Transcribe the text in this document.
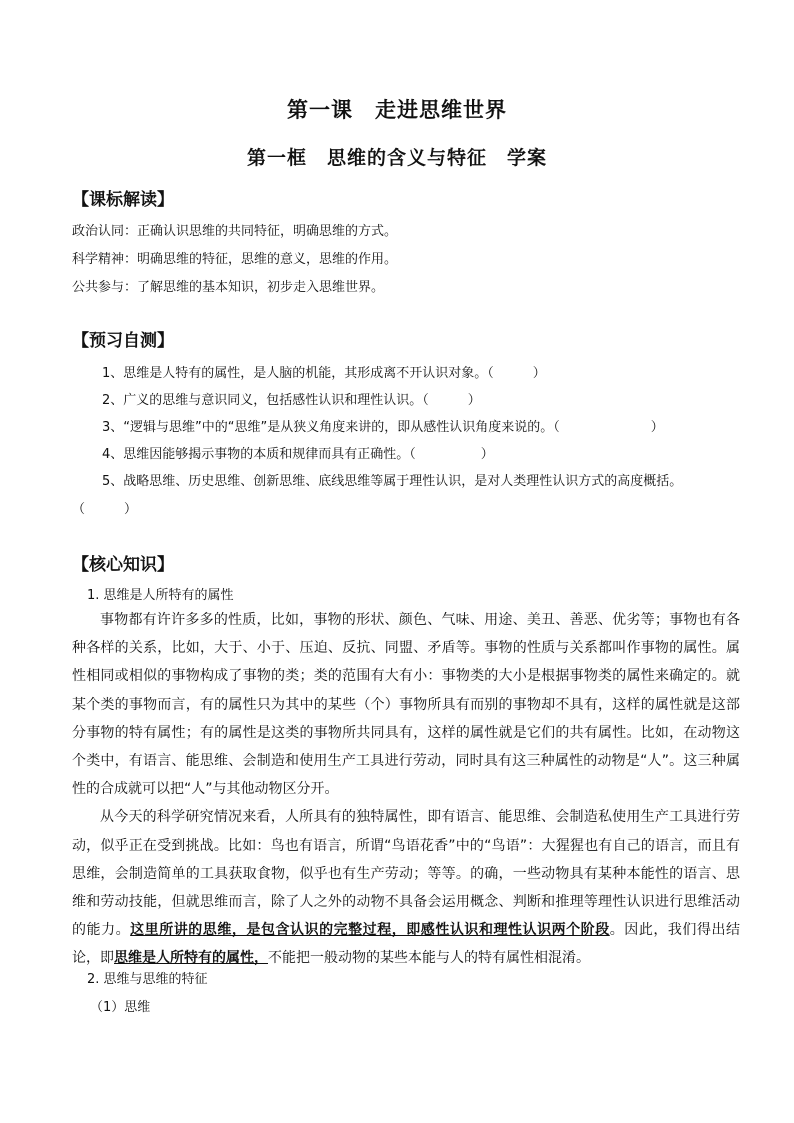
第一课　走进思维世界
第一框　思维的含义与特征　学案
【课标解读】
政治认同：正确认识思维的共同特征，明确思维的方式。
科学精神：明确思维的特征，思维的意义，思维的作用。
公共参与：了解思维的基本知识，初步走入思维世界。
【预习自测】
1、思维是人特有的属性，是人脑的机能，其形成离不开认识对象。（　　　）
2、广义的思维与意识同义，包括感性认识和理性认识。（　　　）
3、“逻辑与思维”中的“思维”是从狭义角度来讲的，即从感性认识角度来说的。（　　　　　　　）
4、思维因能够揭示事物的本质和规律而具有正确性。（　　　　　）
5、战略思维、历史思维、创新思维、底线思维等属于理性认识，是对人类理性认识方式的高度概括。
（　　　）
【核心知识】
1. 思维是人所特有的属性

事物都有许许多多的性质，比如，事物的形状、颜色、气味、用途、美丑、善恶、优劣等；事物也有各种各样的关系，比如，大于、小于、压迫、反抗、同盟、矛盾等。事物的性质与关系都叫作事物的属性。属性相同或相似的事物构成了事物的类；类的范围有大有小：事物类的大小是根据事物类的属性来确定的。就某个类的事物而言，有的属性只为其中的某些（个）事物所具有而别的事物却不具有，这样的属性就是这部分事物的特有属性；有的属性是这类的事物所共同具有，这样的属性就是它们的共有属性。比如，在动物这个类中，有语言、能思维、会制造和使用生产工具进行劳动，同时具有这三种属性的动物是“人”。这三种属性的合成就可以把“人”与其他动物区分开。

从今天的科学研究情况来看，人所具有的独特属性，即有语言、能思维、会制造私使用生产工具进行劳动，似乎正在受到挑战。比如：鸟也有语言，所谓“鸟语花香”中的“鸟语”：大猩猩也有自己的语言，而且有思维，会制造简单的工具获取食物，似乎也有生产劳动；等等。的确，一些动物具有某种本能性的语言、思维和劳动技能，但就思维而言，除了人之外的动物不具备会运用概念、判断和推理等理性认识进行思维活动的能力。这里所讲的思维，是包含认识的完整过程，即感性认识和理性认识两个阶段。因此，我们得出结论，即思维是人所特有的属性，不能把一般动物的某些本能与人的特有属性相混淆。

2. 思维与思维的特征
（1）思维
